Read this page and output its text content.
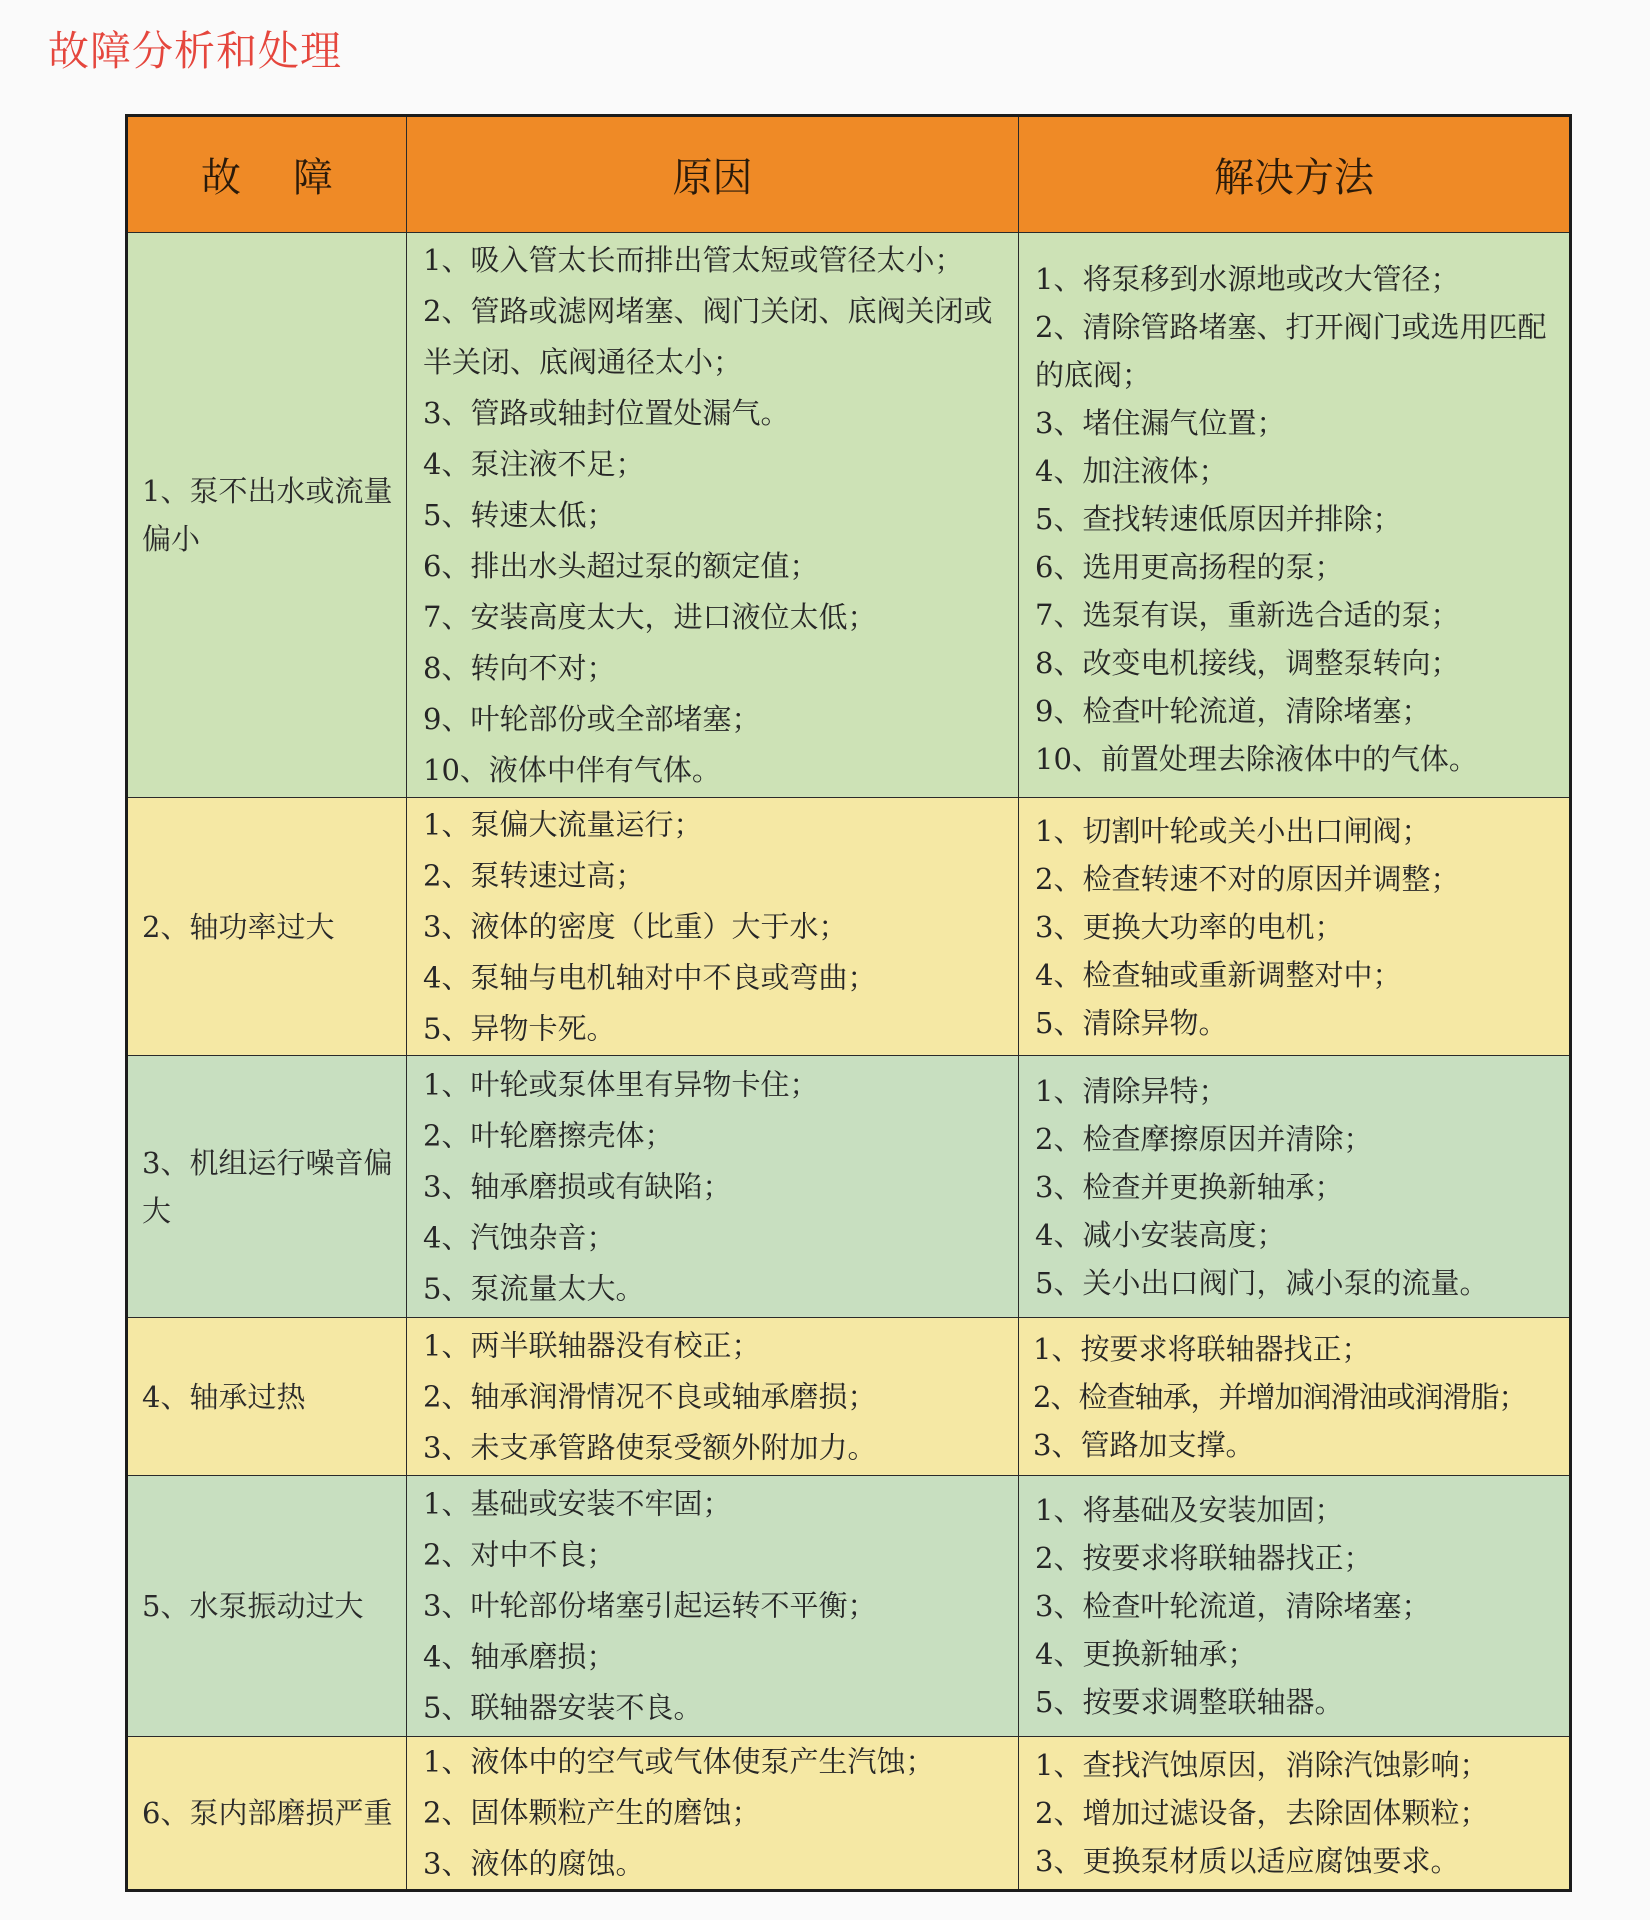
故障分析和处理
故障	原因	解决方法
1、泵不出水或流量偏小
1、吸入管太长而排出管太短或管径太小；
2、管路或滤网堵塞、阀门关闭、底阀关闭或半关闭、底阀通径太小；
3、管路或轴封位置处漏气。
4、泵注液不足；
5、转速太低；
6、排出水头超过泵的额定值；
7、安装高度太大，进口液位太低；
8、转向不对；
9、叶轮部份或全部堵塞；
10、液体中伴有气体。
1、将泵移到水源地或改大管径；
2、清除管路堵塞、打开阀门或选用匹配的底阀；
3、堵住漏气位置；
4、加注液体；
5、查找转速低原因并排除；
6、选用更高扬程的泵；
7、选泵有误，重新选合适的泵；
8、改变电机接线，调整泵转向；
9、检查叶轮流道，清除堵塞；
10、前置处理去除液体中的气体。
2、轴功率过大
1、泵偏大流量运行；
2、泵转速过高；
3、液体的密度（比重）大于水；
4、泵轴与电机轴对中不良或弯曲；
5、异物卡死。
1、切割叶轮或关小出口闸阀；
2、检查转速不对的原因并调整；
3、更换大功率的电机；
4、检查轴或重新调整对中；
5、清除异物。
3、机组运行噪音偏大
1、叶轮或泵体里有异物卡住；
2、叶轮磨擦壳体；
3、轴承磨损或有缺陷；
4、汽蚀杂音；
5、泵流量太大。
1、清除异特；
2、检查摩擦原因并清除；
3、检查并更换新轴承；
4、减小安装高度；
5、关小出口阀门，减小泵的流量。
4、轴承过热
1、两半联轴器没有校正；
2、轴承润滑情况不良或轴承磨损；
3、未支承管路使泵受额外附加力。
1、按要求将联轴器找正；
2、检查轴承，并增加润滑油或润滑脂；
3、管路加支撑。
5、水泵振动过大
1、基础或安装不牢固；
2、对中不良；
3、叶轮部份堵塞引起运转不平衡；
4、轴承磨损；
5、联轴器安装不良。
1、将基础及安装加固；
2、按要求将联轴器找正；
3、检查叶轮流道，清除堵塞；
4、更换新轴承；
5、按要求调整联轴器。
6、泵内部磨损严重
1、液体中的空气或气体使泵产生汽蚀；
2、固体颗粒产生的磨蚀；
3、液体的腐蚀。
1、查找汽蚀原因，消除汽蚀影响；
2、增加过滤设备，去除固体颗粒；
3、更换泵材质以适应腐蚀要求。
